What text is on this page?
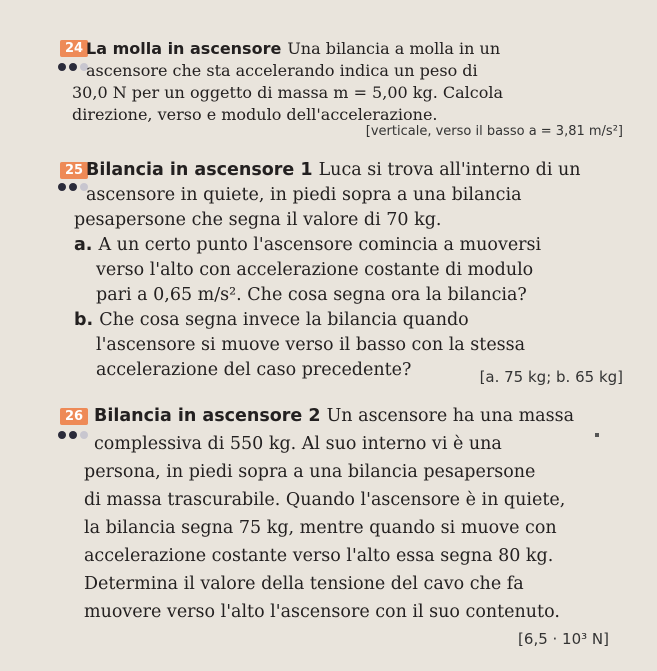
24 La molla in ascensore Una bilancia a molla in un
ascensore che sta accelerando indica un peso di
30,0 N per un oggetto di massa m = 5,00 kg. Calcola
direzione, verso e modulo dell'accelerazione.
[verticale, verso il basso a = 3,81 m/s²]
25 Bilancia in ascensore 1 Luca si trova all'interno di un
ascensore in quiete, in piedi sopra a una bilancia
pesapersone che segna il valore di 70 kg.
a. A un certo punto l'ascensore comincia a muoversi
verso l'alto con accelerazione costante di modulo
pari a 0,65 m/s². Che cosa segna ora la bilancia?
b. Che cosa segna invece la bilancia quando
l'ascensore si muove verso il basso con la stessa
accelerazione del caso precedente?	[a. 75 kg; b. 65 kg]
26 Bilancia in ascensore 2 Un ascensore ha una massa
complessiva di 550 kg. Al suo interno vi è una
persona, in piedi sopra a una bilancia pesapersone
di massa trascurabile. Quando l'ascensore è in quiete,
la bilancia segna 75 kg, mentre quando si muove con
accelerazione costante verso l'alto essa segna 80 kg.
Determina il valore della tensione del cavo che fa
muovere verso l'alto l'ascensore con il suo contenuto.
[6,5 · 10³ N]
